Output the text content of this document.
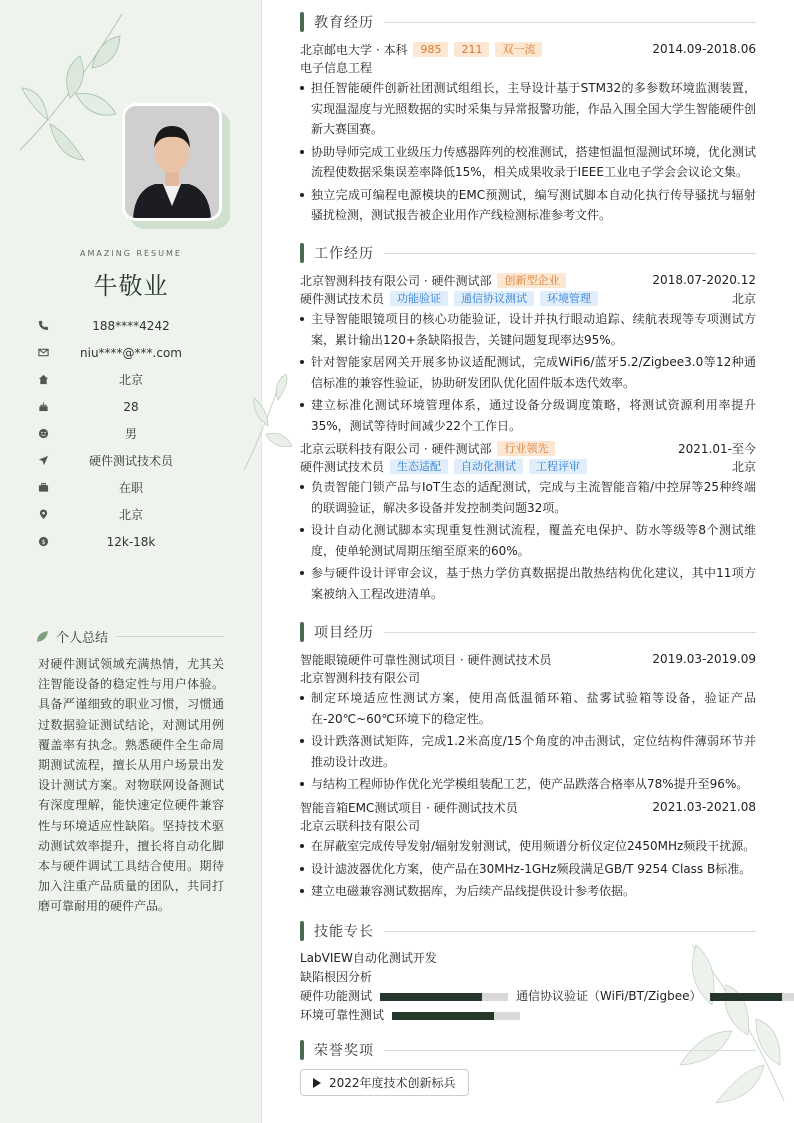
AMAZING RESUME
牛敬业
188****4242
niu****@***.com
北京
28
男
硬件测试技术员
在职
北京
$	12k-18k
个人总结
对硬件测试领域充满热情，尤其关注智能设备的稳定性与用户体验。具备严谨细致的职业习惯，习惯通过数据验证测试结论，对测试用例覆盖率有执念。熟悉硬件全生命周期测试流程，擅长从用户场景出发设计测试方案。对物联网设备测试有深度理解，能快速定位硬件兼容性与环境适应性缺陷。坚持技术驱动测试效率提升，擅长将自动化脚本与硬件调试工具结合使用。期待加入注重产品质量的团队，共同打磨可靠耐用的硬件产品。
教育经历
北京邮电大学 · 本科	985	211	双一流	2014.09-2018.06
电子信息工程
担任智能硬件创新社团测试组组长，主导设计基于STM32的多参数环境监测装置，实现温湿度与光照数据的实时采集与异常报警功能，作品入围全国大学生智能硬件创新大赛国赛。
协助导师完成工业级压力传感器阵列的校准测试，搭建恒温恒湿测试环境，优化测试流程使数据采集误差率降低15%，相关成果收录于IEEE工业电子学会会议论文集。
独立完成可编程电源模块的EMC预测试，编写测试脚本自动化执行传导骚扰与辐射骚扰检测，测试报告被企业用作产线检测标准参考文件。
工作经历
北京智测科技有限公司 · 硬件测试部	创新型企业	2018.07-2020.12
硬件测试技术员	功能验证	通信协议测试	环境管理	北京
主导智能眼镜项目的核心功能验证，设计并执行眼动追踪、续航表现等专项测试方案，累计输出120+条缺陷报告，关键问题复现率达95%。
针对智能家居网关开展多协议适配测试，完成WiFi6/蓝牙5.2/Zigbee3.0等12种通信标准的兼容性验证，协助研发团队优化固件版本迭代效率。
建立标准化测试环境管理体系，通过设备分级调度策略，将测试资源利用率提升35%，测试等待时间减少22个工作日。
北京云联科技有限公司 · 硬件测试部	行业领先	2021.01-至今
硬件测试技术员	生态适配	自动化测试	工程评审	北京
负责智能门锁产品与IoT生态的适配测试，完成与主流智能音箱/中控屏等25种终端的联调验证，解决多设备并发控制类问题32项。
设计自动化测试脚本实现重复性测试流程，覆盖充电保护、防水等级等8个测试维度，使单轮测试周期压缩至原来的60%。
参与硬件设计评审会议，基于热力学仿真数据提出散热结构优化建议，其中11项方案被纳入工程改进清单。
项目经历
智能眼镜硬件可靠性测试项目 · 硬件测试技术员	2019.03-2019.09
北京智测科技有限公司
制定环境适应性测试方案，使用高低温循环箱、盐雾试验箱等设备，验证产品在-20℃~60℃环境下的稳定性。
设计跌落测试矩阵，完成1.2米高度/15个角度的冲击测试，定位结构件薄弱环节并推动设计改进。
与结构工程师协作优化光学模组装配工艺，使产品跌落合格率从78%提升至96%。
智能音箱EMC测试项目 · 硬件测试技术员	2021.03-2021.08
北京云联科技有限公司
在屏蔽室完成传导发射/辐射发射测试，使用频谱分析仪定位2450MHz频段干扰源。
设计滤波器优化方案，使产品在30MHz-1GHz频段满足GB/T 9254 Class B标准。
建立电磁兼容测试数据库，为后续产品线提供设计参考依据。
技能专长
LabVIEW自动化测试开发
缺陷根因分析
硬件功能测试	通信协议验证（WiFi/BT/Zigbee）
环境可靠性测试
荣誉奖项
2022年度技术创新标兵
